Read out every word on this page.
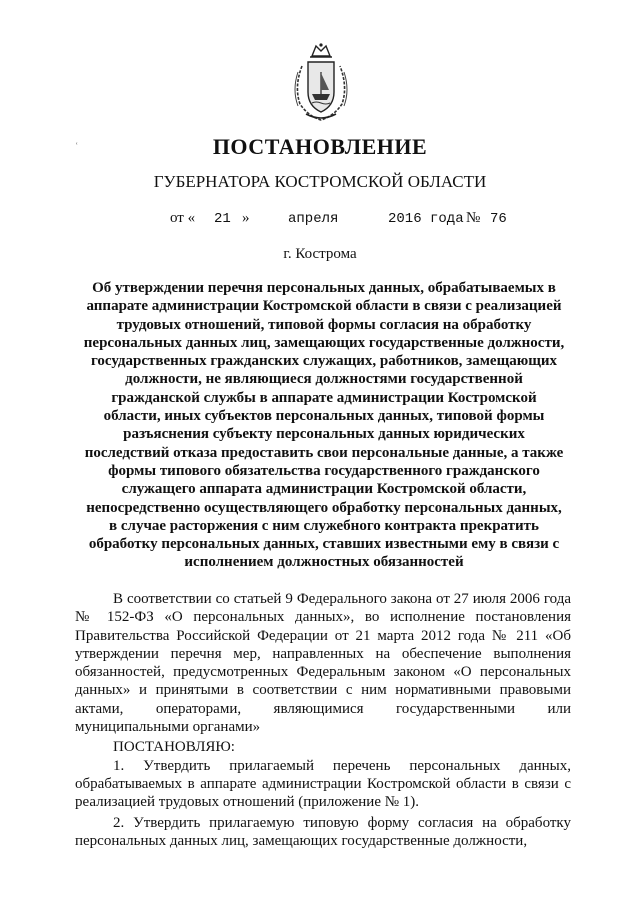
ʿ	ПОСТАНОВЛЕНИЕ
ГУБЕРНАТОРА КОСТРОМСКОЙ ОБЛАСТИ
от « 21 »	апреля	2016 года № 76
г. Кострома
Об утверждении перечня персональных данных, обрабатываемых в
аппарате администрации Костромской области в связи с реализацией
трудовых отношений, типовой формы согласия на обработку
персональных данных лиц, замещающих государственные должности,
государственных гражданских служащих, работников, замещающих
должности, не являющиеся должностями государственной
гражданской службы в аппарате администрации Костромской
области, иных субъектов персональных данных, типовой формы
разъяснения субъекту персональных данных юридических
последствий отказа предоставить свои персональные данные, а также
формы типового обязательства государственного гражданского
служащего аппарата администрации Костромской области,
непосредственно осуществляющего обработку персональных данных,
в случае расторжения с ним служебного контракта прекратить
обработку персональных данных, ставших известными ему в связи с
исполнением должностных обязанностей

В соответствии со статьей 9 Федерального закона от 27 июля 2006 года № 152-ФЗ «О персональных данных», во исполнение постановления Правительства Российской Федерации от 21 марта 2012 года № 211 «Об утверждении перечня мер, направленных на обеспечение выполнения обязанностей, предусмотренных Федеральным законом «О персональных данных» и принятыми в соответствии с ним нормативными правовыми актами, операторами, являющимися государственными или муниципальными органами»

ПОСТАНОВЛЯЮ:

1. Утвердить прилагаемый перечень персональных данных, обрабатываемых в аппарате администрации Костромской области в связи с реализацией трудовых отношений (приложение № 1).

2. Утвердить прилагаемую типовую форму согласия на обработку персональных данных лиц, замещающих государственные должности,
